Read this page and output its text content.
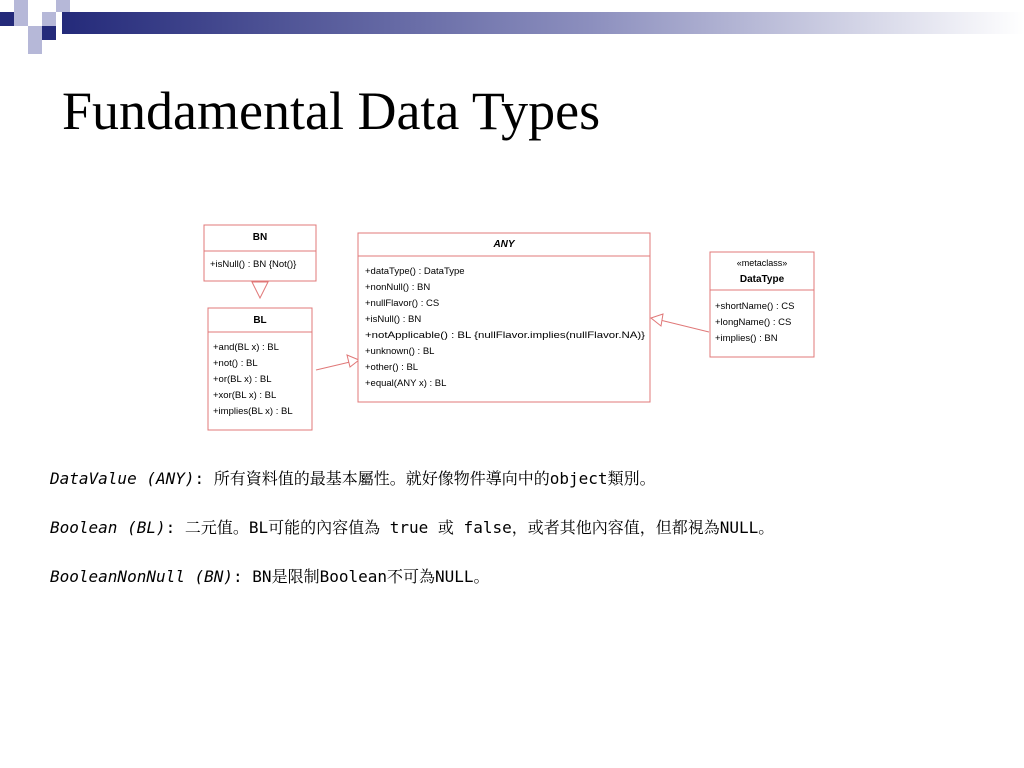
Fundamental Data Types
BN
+isNull() : BN {Not()}
BL
+and(BL x) : BL
+not() : BL
+or(BL x) : BL
+xor(BL x) : BL
+implies(BL x) : BL
ANY
+dataType() : DataType
+nonNull() : BN
+nullFlavor() : CS
+isNull() : BN
+notApplicable() : BL {nullFlavor.implies(nullFlavor.NA)}
+unknown() : BL
+other() : BL
+equal(ANY x) : BL
«metaclass»
DataType
+shortName() : CS
+longName() : CS
+implies() : BN

DataValue (ANY): 所有資料值的最基本屬性。就好像物件導向中的object類別。

Boolean (BL): 二元值。BL可能的內容值為 true 或 false，或者其他內容值，但都視為NULL。

BooleanNonNull (BN): BN是限制Boolean不可為NULL。
